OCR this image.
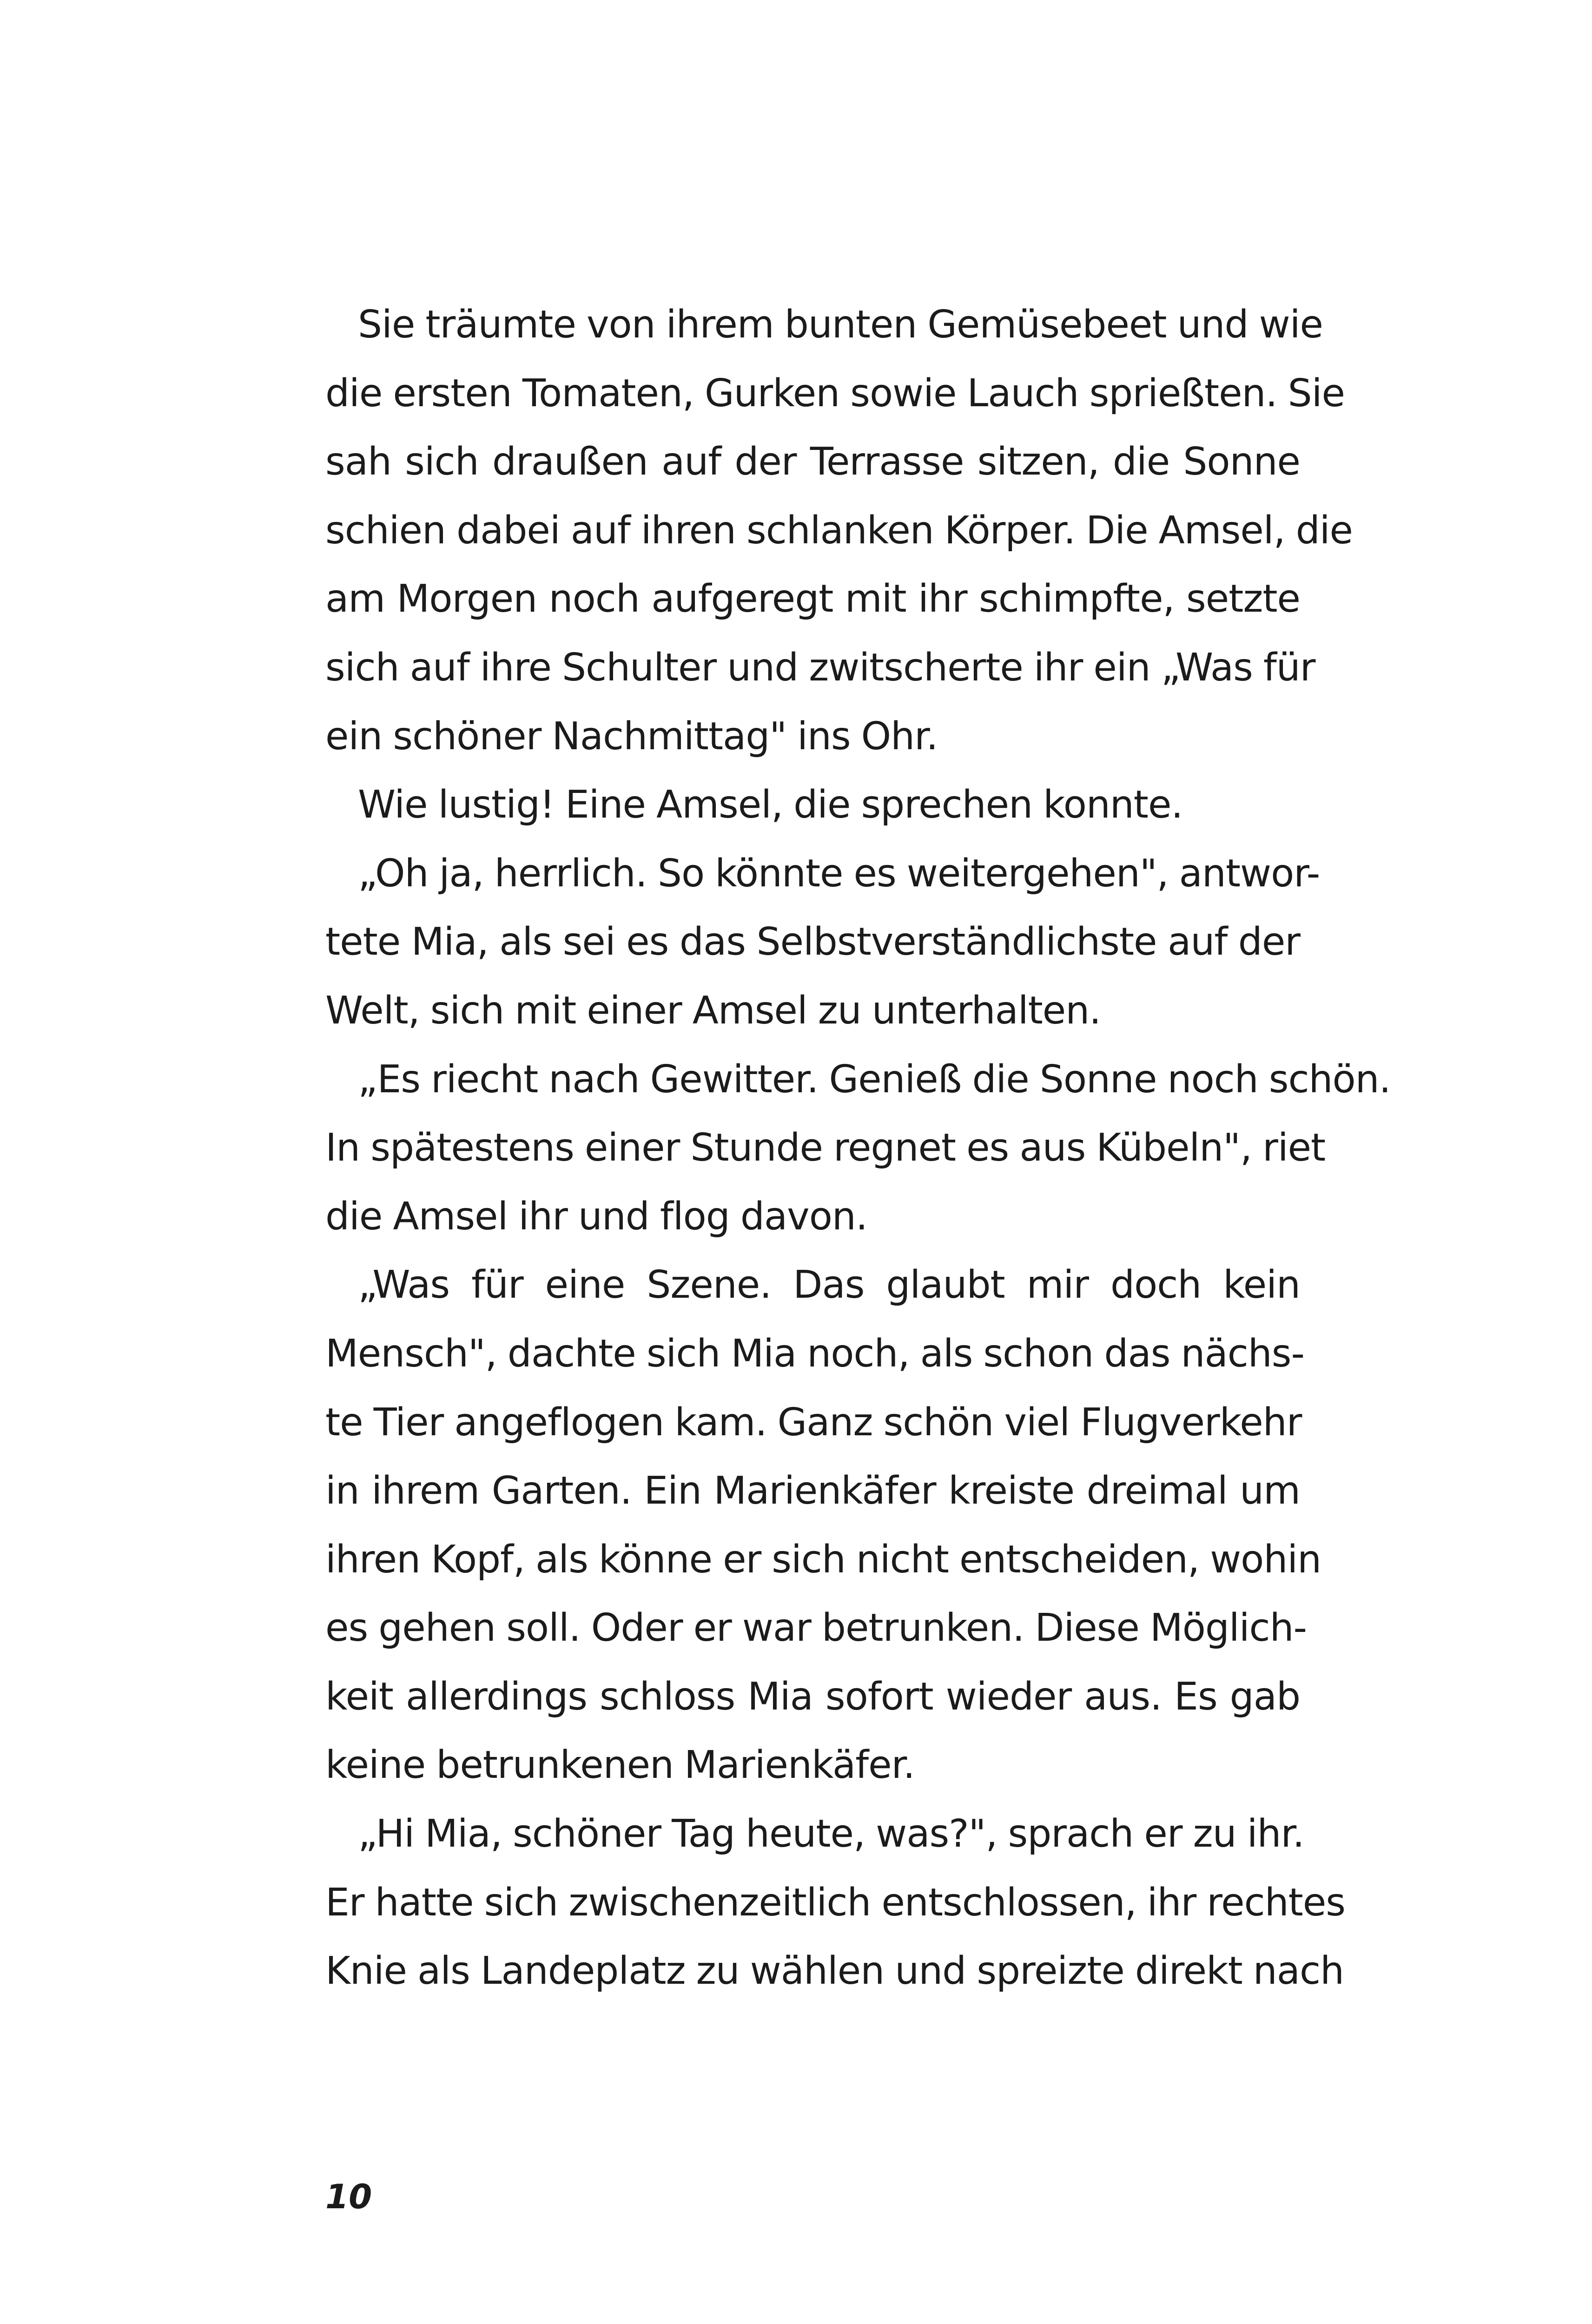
Sie träumte von ihrem bunten Gemüsebeet und wie
die ersten Tomaten, Gurken sowie Lauch sprießten. Sie
sah sich draußen auf der Terrasse sitzen, die Sonne
schien dabei auf ihren schlanken Körper. Die Amsel, die
am Morgen noch aufgeregt mit ihr schimpfte, setzte
sich auf ihre Schulter und zwitscherte ihr ein „Was für
ein schöner Nachmittag" ins Ohr.
Wie lustig! Eine Amsel, die sprechen konnte.
„Oh ja, herrlich. So könnte es weitergehen", antwor-
tete Mia, als sei es das Selbstverständlichste auf der
Welt, sich mit einer Amsel zu unterhalten.
„Es riecht nach Gewitter. Genieß die Sonne noch schön.
In spätestens einer Stunde regnet es aus Kübeln", riet
die Amsel ihr und flog davon.
„Was für eine Szene. Das glaubt mir doch kein
Mensch", dachte sich Mia noch, als schon das nächs-
te Tier angeflogen kam. Ganz schön viel Flugverkehr
in ihrem Garten. Ein Marienkäfer kreiste dreimal um
ihren Kopf, als könne er sich nicht entscheiden, wohin
es gehen soll. Oder er war betrunken. Diese Möglich-
keit allerdings schloss Mia sofort wieder aus. Es gab
keine betrunkenen Marienkäfer.
„Hi Mia, schöner Tag heute, was?", sprach er zu ihr.
Er hatte sich zwischenzeitlich entschlossen, ihr rechtes
Knie als Landeplatz zu wählen und spreizte direkt nach
10
